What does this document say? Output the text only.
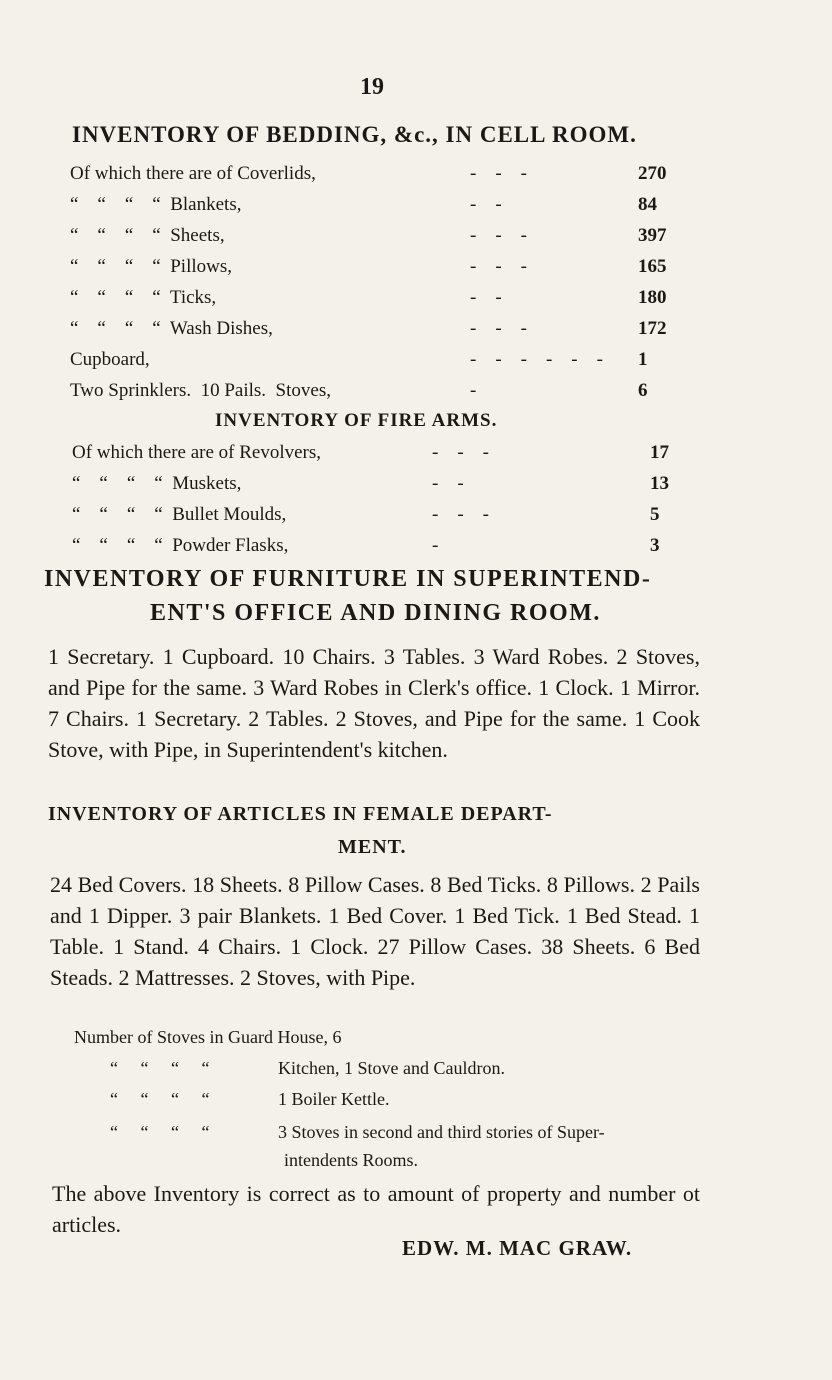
19
INVENTORY OF BEDDING, &c., IN CELL ROOM.
Of which there are of Coverlids,	-    -    -	270
“    “    “    “  Blankets,	-    -	84
“    “    “    “  Sheets,	-    -    -	397
“    “    “    “  Pillows,	-    -    -	165
“    “    “    “  Ticks,	-    -	180
“    “    “    “  Wash Dishes,	-    -    -	172
Cupboard,	-    -    -    -    -    - 1
Two Sprinklers.  10 Pails.  Stoves,	-	6
INVENTORY OF FIRE ARMS.
Of which there are of Revolvers,	-    -    -	17
“    “    “    “  Muskets,	-    -	13
“    “    “    “  Bullet Moulds,	-    -    -	5
“    “    “    “  Powder Flasks,	-	3
INVENTORY OF FURNITURE IN SUPERINTEND-
ENT'S OFFICE AND DINING ROOM.
1 Secretary. 1 Cupboard. 10 Chairs. 3 Tables. 3 Ward Robes. 2 Stoves, and Pipe for the same. 3 Ward Robes in Clerk's office. 1 Clock. 1 Mirror. 7 Chairs. 1 Secretary. 2 Tables. 2 Stoves, and Pipe for the same. 1 Cook Stove, with Pipe, in Superintendent's kitchen.
INVENTORY OF ARTICLES IN FEMALE DEPART-
MENT.
24 Bed Covers. 18 Sheets. 8 Pillow Cases. 8 Bed Ticks. 8 Pillows. 2 Pails and 1 Dipper. 3 pair Blankets. 1 Bed Cover. 1 Bed Tick. 1 Bed Stead. 1 Table. 1 Stand. 4 Chairs. 1 Clock. 27 Pillow Cases. 38 Sheets. 6 Bed Steads. 2 Mattresses. 2 Stoves, with Pipe.
Number of Stoves in Guard House, 6
“     “     “     “	Kitchen, 1 Stove and Cauldron.
“     “     “     “	1 Boiler Kettle.
“     “     “     “	3 Stoves in second and third stories of Super-
intendents Rooms.
The above Inventory is correct as to amount of property and number ot articles.
EDW. M. MAC GRAW.
